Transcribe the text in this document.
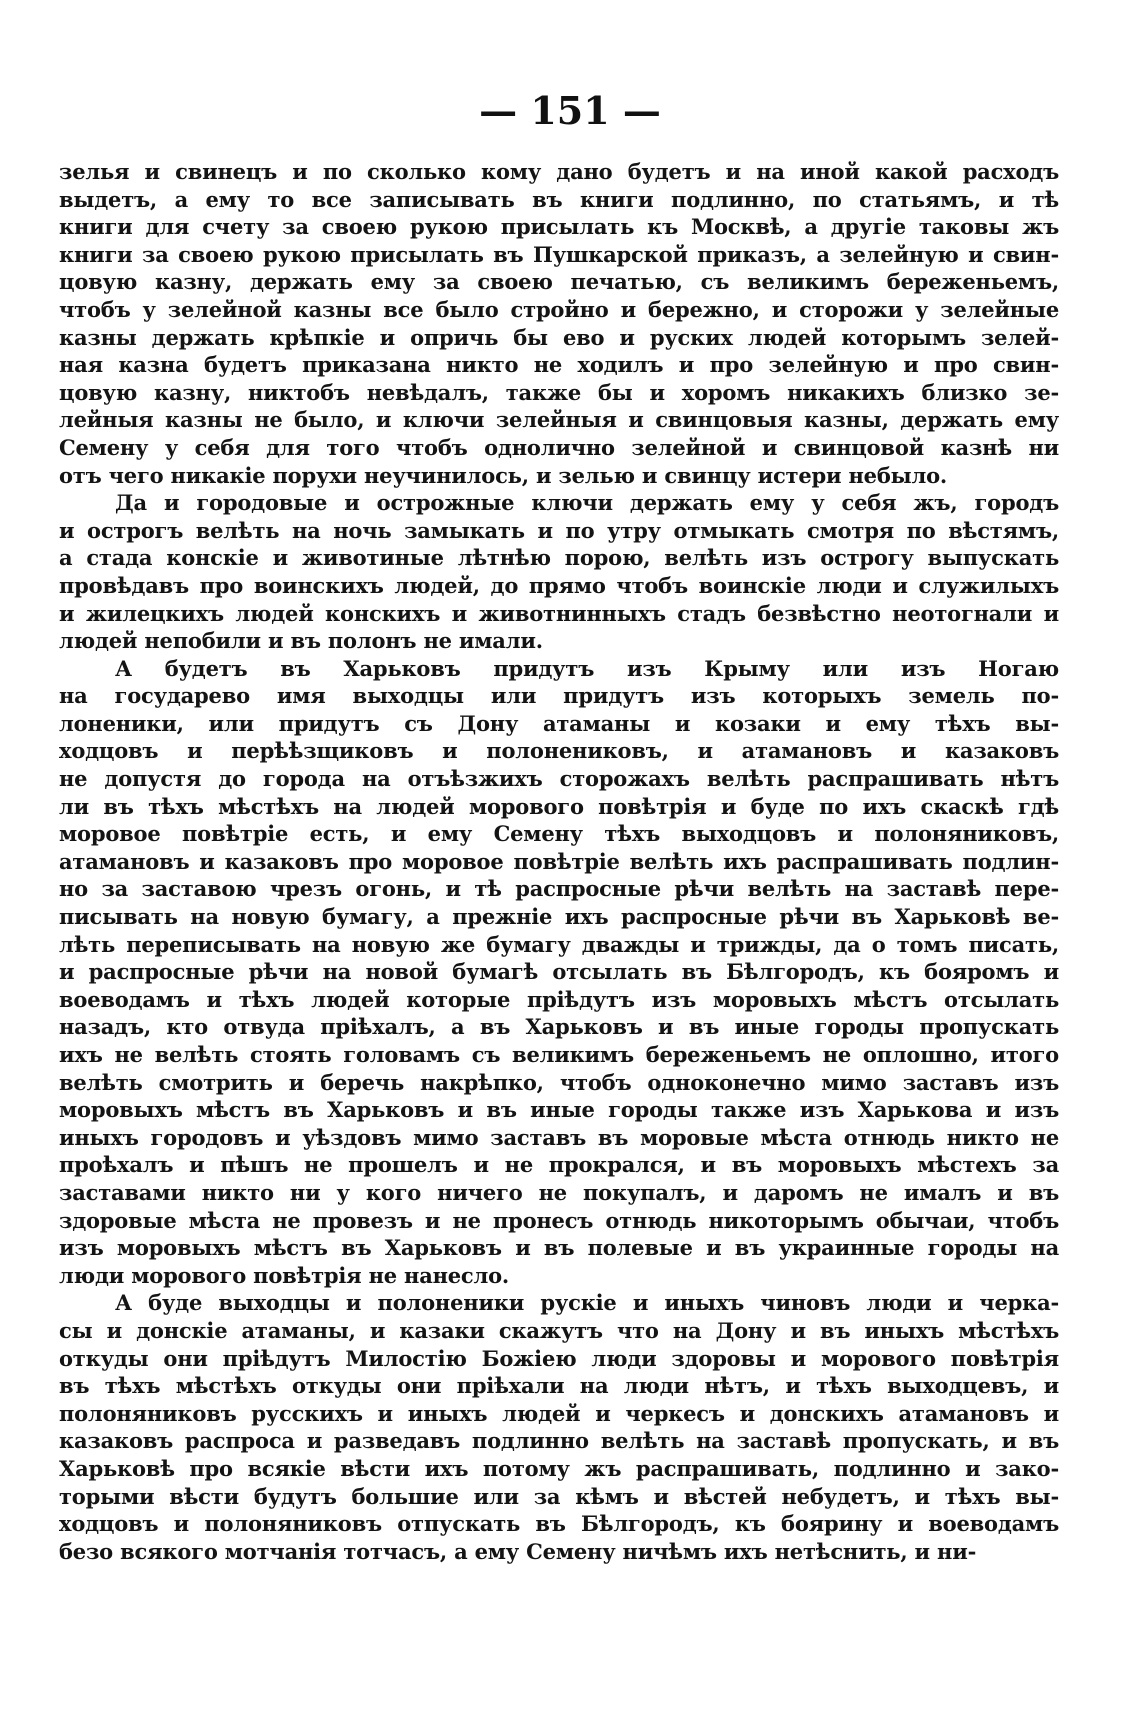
— 151 —
зелья и свинецъ и по сколько кому дано будетъ и на иной какой расходъ
выдетъ, а ему то все записывать въ книги подлинно, по статьямъ, и тѣ
книги для счету за своею рукою присылать къ Москвѣ, а другіе таковы жъ
книги за своею рукою присылать въ Пушкарской приказъ, а зелейную и свин-
цовую казну, держать ему за своею печатью, съ великимъ береженьемъ,
чтобъ у зелейной казны все было стройно и бережно, и сторожи у зелейные
казны держать крѣпкіе и опричь бы ево и руских людей которымъ зелей-
ная казна будетъ приказана никто не ходилъ и про зелейную и про свин-
цовую казну, никтобъ невѣдалъ, также бы и хоромъ никакихъ близко зе-
лейныя казны не было, и ключи зелейныя и свинцовыя казны, держать ему
Семену у себя для того чтобъ однолично зелейной и свинцовой казнѣ ни
отъ чего никакіе порухи неучинилось, и зелью и свинцу истери небыло.
Да и городовые и острожные ключи держать ему у себя жъ, городъ
и острогъ велѣть на ночь замыкать и по утру отмыкать смотря по вѣстямъ,
а стада конскіе и животиные лѣтнѣю порою, велѣть изъ острогу выпускать
провѣдавъ про воинскихъ людей, до прямо чтобъ воинскіе люди и служилыхъ
и жилецкихъ людей конскихъ и животнинныхъ стадъ безвѣстно неотогнали и
людей непобили и въ полонъ не имали.
А будетъ въ Харьковъ придутъ изъ Крыму или изъ Ногаю
на государево имя выходцы или придутъ изъ которыхъ земель по-
лоненики, или придутъ съ Дону атаманы и козаки и ему тѣхъ вы-
ходцовъ и перѣѣзщиковъ и полонениковъ, и атамановъ и казаковъ
не допустя до города на отъѣзжихъ сторожахъ велѣть распрашивать нѣтъ
ли въ тѣхъ мѣстѣхъ на людей морового повѣтрія и буде по ихъ скаскѣ гдѣ
моровое повѣтріе есть, и ему Семену тѣхъ выходцовъ и полоняниковъ,
атамановъ и казаковъ про моровое повѣтріе велѣть ихъ распрашивать подлин-
но за заставою чрезъ огонь, и тѣ распросные рѣчи велѣть на заставѣ пере-
писывать на новую бумагу, а прежніе ихъ распросные рѣчи въ Харьковѣ ве-
лѣть переписывать на новую же бумагу дважды и трижды, да о томъ писать,
и распросные рѣчи на новой бумагѣ отсылать въ Бѣлгородъ, къ бояромъ и
воеводамъ и тѣхъ людей которые пріѣдутъ изъ моровыхъ мѣстъ отсылать
назадъ, кто отвуда пріѣхалъ, а въ Харьковъ и въ иные городы пропускать
ихъ не велѣть стоять головамъ съ великимъ береженьемъ не оплошно, итого
велѣть смотрить и беречь накрѣпко, чтобъ одноконечно мимо заставъ изъ
моровыхъ мѣстъ въ Харьковъ и въ иные городы также изъ Харькова и изъ
иныхъ городовъ и уѣздовъ мимо заставъ въ моровые мѣста отнюдь никто не
проѣхалъ и пѣшъ не прошелъ и не прокрался, и въ моровыхъ мѣстехъ за
заставами никто ни у кого ничего не покупалъ, и даромъ не ималъ и въ
здоровые мѣста не провезъ и не пронесъ отнюдь никоторымъ обычаи, чтобъ
изъ моровыхъ мѣстъ въ Харьковъ и въ полевые и въ украинные городы на
люди морового повѣтрія не нанесло.
А буде выходцы и полоненики рускіе и иныхъ чиновъ люди и черка-
сы и донскіе атаманы, и казаки скажутъ что на Дону и въ иныхъ мѣстѣхъ
откуды они пріѣдутъ Милостію Божіею люди здоровы и морового повѣтрія
въ тѣхъ мѣстѣхъ откуды они пріѣхали на люди нѣтъ, и тѣхъ выходцевъ, и
полоняниковъ русскихъ и иныхъ людей и черкесъ и донскихъ атамановъ и
казаковъ распроса и разведавъ подлинно велѣть на заставѣ пропускать, и въ
Харьковѣ про всякіе вѣсти ихъ потому жъ распрашивать, подлинно и зако-
торыми вѣсти будутъ большие или за кѣмъ и вѣстей небудетъ, и тѣхъ вы-
ходцовъ и полоняниковъ отпускать въ Бѣлгородъ, къ боярину и воеводамъ
безо всякого мотчанія тотчасъ, а ему Семену ничѣмъ ихъ нетѣснить, и ни-
